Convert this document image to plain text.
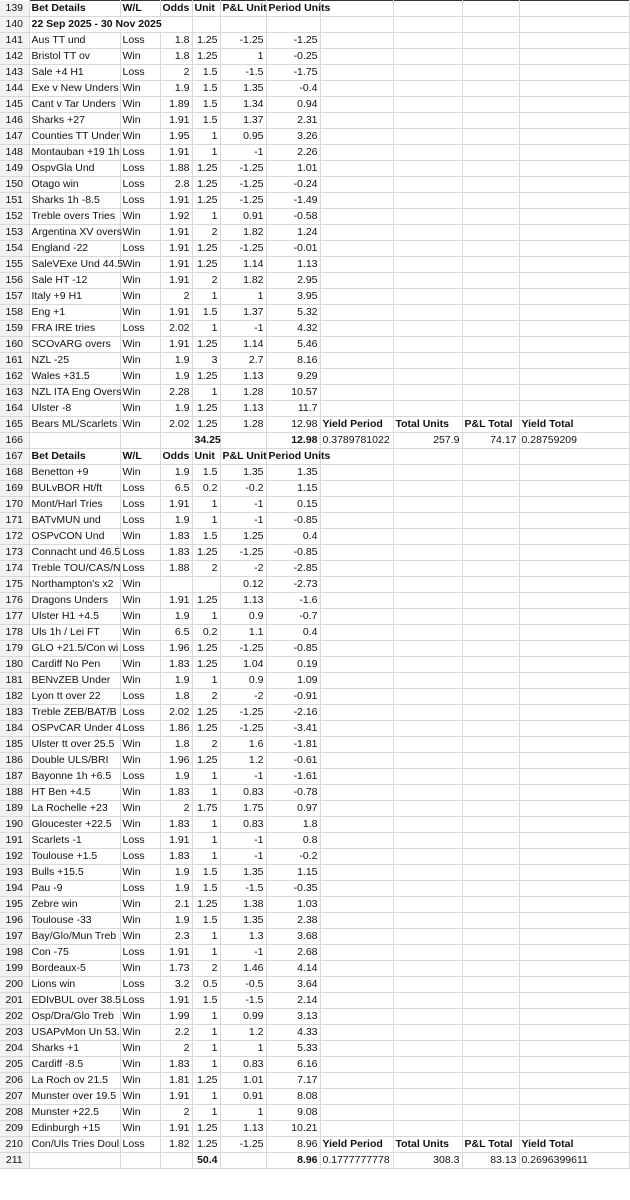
139	Bet Details	W/L	Odds	Unit	P&L Unit	Period Units				
140	22 Sep 2025 - 30 Nov 2025									
141	Aus TT und	Loss	1.8	1.25	-1.25	-1.25				
142	Bristol TT ov	Win	1.8	1.25	1	-0.25				
143	Sale +4 H1	Loss	2	1.5	-1.5	-1.75				
144	Exe v New Unders	Win	1.9	1.5	1.35	-0.4				
145	Cant v Tar Unders	Win	1.89	1.5	1.34	0.94				
146	Sharks +27	Win	1.91	1.5	1.37	2.31				
147	Counties TT Under	Win	1.95	1	0.95	3.26				
148	Montauban +19 1h	Loss	1.91	1	-1	2.26				
149	OspvGla Und	Loss	1.88	1.25	-1.25	1.01				
150	Otago win	Loss	2.8	1.25	-1.25	-0.24				
151	Sharks 1h -8.5	Loss	1.91	1.25	-1.25	-1.49				
152	Treble overs Tries	Win	1.92	1	0.91	-0.58				
153	Argentina XV overs	Win	1.91	2	1.82	1.24				
154	England -22	Loss	1.91	1.25	-1.25	-0.01				
155	SaleVExe Und 44.5	Win	1.91	1.25	1.14	1.13				
156	Sale HT -12	Win	1.91	2	1.82	2.95				
157	Italy +9 H1	Win	2	1	1	3.95				
158	Eng +1	Win	1.91	1.5	1.37	5.32				
159	FRA IRE tries	Loss	2.02	1	-1	4.32				
160	SCOvARG overs	Win	1.91	1.25	1.14	5.46				
161	NZL -25	Win	1.9	3	2.7	8.16				
162	Wales +31.5	Win	1.9	1.25	1.13	9.29				
163	NZL ITA Eng Overs	Win	2.28	1	1.28	10.57				
164	Ulster -8	Win	1.9	1.25	1.13	11.7				
165	Bears ML/Scarlets	Win	2.02	1.25	1.28	12.98	Yield Period	Total Units	P&L Total	Yield Total
166				34.25		12.98	0.3789781022	257.9	74.17	0.28759209
167	Bet Details	W/L	Odds	Unit	P&L Unit	Period Units				
168	Benetton +9	Win	1.9	1.5	1.35	1.35				
169	BULvBOR Ht/ft	Loss	6.5	0.2	-0.2	1.15				
170	Mont/Harl Tries	Loss	1.91	1	-1	0.15				
171	BATvMUN und	Loss	1.9	1	-1	-0.85				
172	OSPvCON Und	Win	1.83	1.5	1.25	0.4				
173	Connacht und 46.5	Loss	1.83	1.25	-1.25	-0.85				
174	Treble TOU/CAS/N	Loss	1.88	2	-2	-2.85				
175	Northampton's x2	Win			0.12	-2.73				
176	Dragons Unders	Win	1.91	1.25	1.13	-1.6				
177	Ulster H1 +4.5	Win	1.9	1	0.9	-0.7				
178	Uls 1h / Lei FT	Win	6.5	0.2	1.1	0.4				
179	GLO +21.5/Con wi	Loss	1.96	1.25	-1.25	-0.85				
180	Cardiff No Pen	Win	1.83	1.25	1.04	0.19				
181	BENvZEB Under	Win	1.9	1	0.9	1.09				
182	Lyon tt over 22	Loss	1.8	2	-2	-0.91				
183	Treble ZEB/BAT/B	Loss	2.02	1.25	-1.25	-2.16				
184	OSPvCAR Under 4	Loss	1.86	1.25	-1.25	-3.41				
185	Ulster tt over 25.5	Win	1.8	2	1.6	-1.81				
186	Double ULS/BRI	Win	1.96	1.25	1.2	-0.61				
187	Bayonne 1h +6.5	Loss	1.9	1	-1	-1.61				
188	HT Ben +4.5	Win	1.83	1	0.83	-0.78				
189	La Rochelle +23	Win	2	1.75	1.75	0.97				
190	Gloucester +22.5	Win	1.83	1	0.83	1.8				
191	Scarlets -1	Loss	1.91	1	-1	0.8				
192	Toulouse +1.5	Loss	1.83	1	-1	-0.2				
193	Bulls +15.5	Win	1.9	1.5	1.35	1.15				
194	Pau -9	Loss	1.9	1.5	-1.5	-0.35				
195	Zebre win	Win	2.1	1.25	1.38	1.03				
196	Toulouse -33	Win	1.9	1.5	1.35	2.38				
197	Bay/Glo/Mun Treb	Win	2.3	1	1.3	3.68				
198	Con -75	Loss	1.91	1	-1	2.68				
199	Bordeaux-5	Win	1.73	2	1.46	4.14				
200	Lions win	Loss	3.2	0.5	-0.5	3.64				
201	EDIvBUL over 38.5	Loss	1.91	1.5	-1.5	2.14				
202	Osp/Dra/Glo Treb	Win	1.99	1	0.99	3.13				
203	USAPvMon Un 53.	Win	2.2	1	1.2	4.33				
204	Sharks +1	Win	2	1	1	5.33				
205	Cardiff -8.5	Win	1.83	1	0.83	6.16				
206	La Roch ov 21.5	Win	1.81	1.25	1.01	7.17				
207	Munster over 19.5	Win	1.91	1	0.91	8.08				
208	Munster +22.5	Win	2	1	1	9.08				
209	Edinburgh +15	Win	1.91	1.25	1.13	10.21				
210	Con/Uls Tries Doul	Loss	1.82	1.25	-1.25	8.96	Yield Period	Total Units	P&L Total	Yield Total
211				50.4		8.96	0.1777777778	308.3	83.13	0.2696399611
